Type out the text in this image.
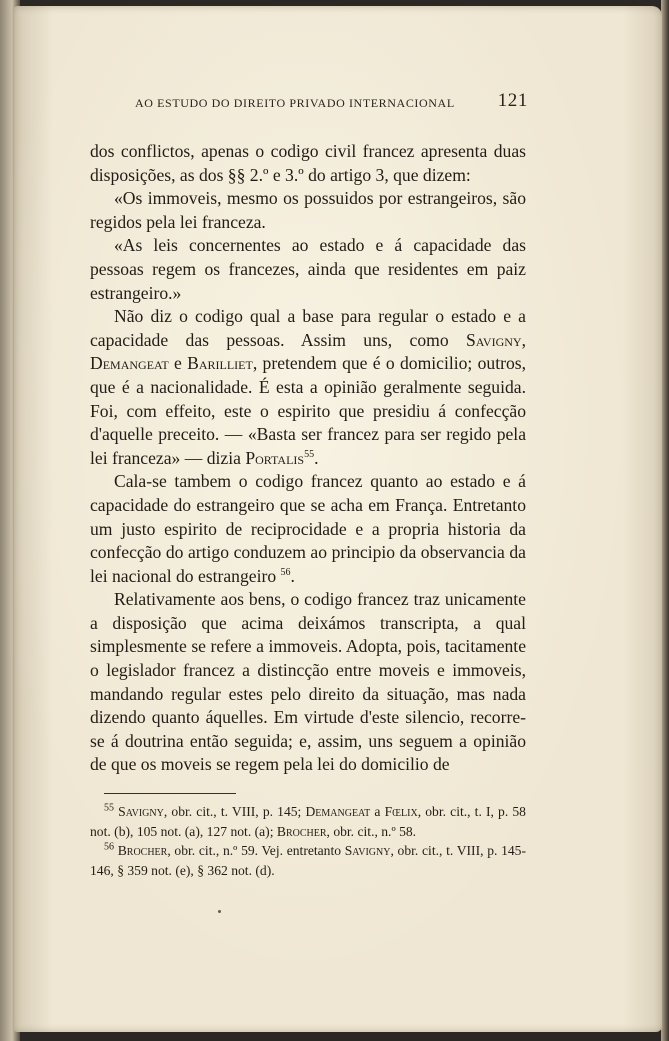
AO ESTUDO DO DIREITO PRIVADO INTERNACIONAL 121

dos conflictos, apenas o codigo civil francez apresenta duas disposições, as dos §§ 2.º e 3.º do artigo 3, que dizem:

«Os immoveis, mesmo os possuidos por estrangeiros, são regidos pela lei franceza.

«As leis concernentes ao estado e á capacidade das pessoas regem os francezes, ainda que residentes em paiz estrangeiro.»

Não diz o codigo qual a base para regular o estado e a capacidade das pessoas. Assim uns, como Savigny, Demangeat e Barilliet, pretendem que é o domicilio; outros, que é a nacionalidade. É esta a opinião geralmente seguida. Foi, com effeito, este o espirito que presidiu á confecção d'aquelle preceito. — «Basta ser francez para ser regido pela lei franceza» — dizia Portalis$^{55}$.

Cala-se tambem o codigo francez quanto ao estado e á capacidade do estrangeiro que se acha em França. Entretanto um justo espirito de reciprocidade e a propria historia da confecção do artigo conduzem ao principio da observancia da lei nacional do estrangeiro $^{56}$.

Relativamente aos bens, o codigo francez traz unicamente a disposição que acima deixámos transcripta, a qual simplesmente se refere a immoveis. Adopta, pois, tacitamente o legislador francez a distincção entre moveis e immoveis, mandando regular estes pelo direito da situação, mas nada dizendo quanto áquelles. Em virtude d'este silencio, recorre-se á doutrina então seguida; e, assim, uns seguem a opinião de que os moveis se regem pela lei do domicilio de

$^{55}$ Savigny, obr. cit., t. VIII, p. 145; Demangeat a Fœlix, obr. cit., t. I, p. 58 not. (b), 105 not. (a), 127 not. (a); Brocher, obr. cit., n.º 58.

$^{56}$ Brocher, obr. cit., n.º 59. Vej. entretanto Savigny, obr. cit., t. VIII, p. 145-146, § 359 not. (e), § 362 not. (d).
